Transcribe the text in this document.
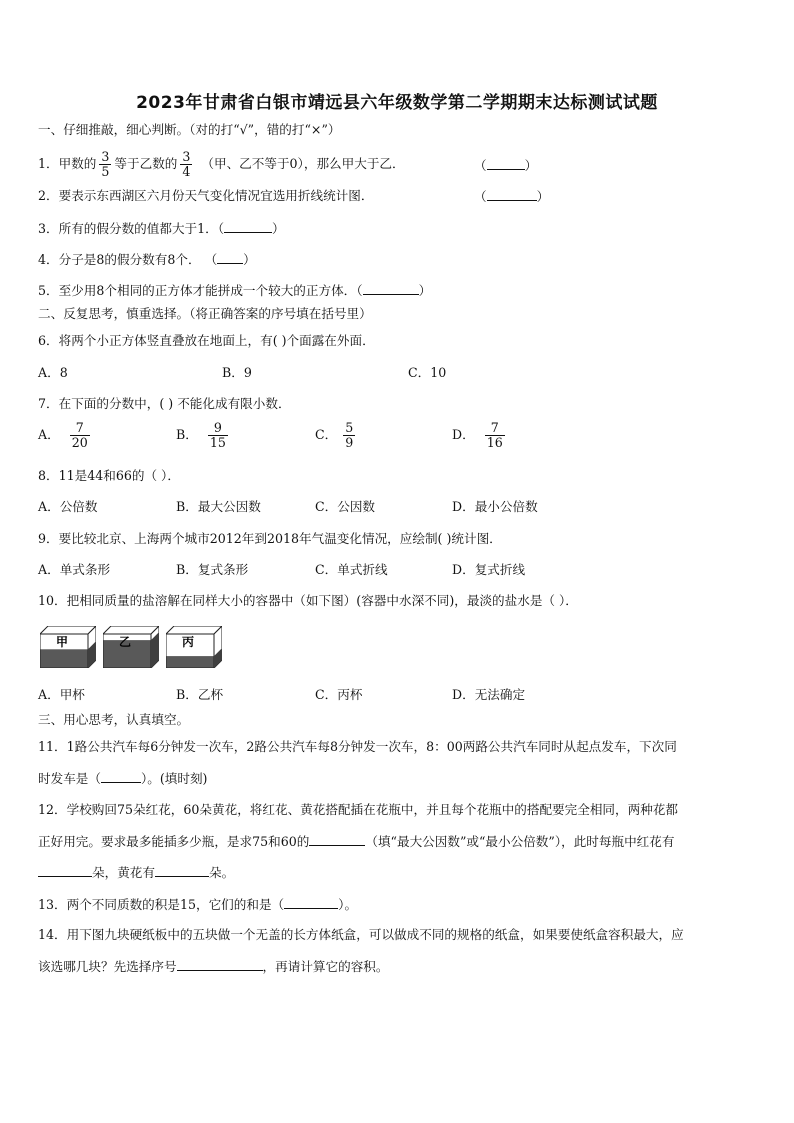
2023年甘肃省白银市靖远县六年级数学第二学期期末达标测试试题
一、仔细推敲，细心判断。（对的打“√”，错的打“×”）
1．甲数的 $\frac{3}{5}$ 等于乙数的 $\frac{3}{4}$ （甲、乙不等于0），那么甲大于乙．	（	）
2．要表示东西湖区六月份天气变化情况宜选用折线统计图．	（	）
3．所有的假分数的值都大于1．（	）
4．分子是8的假分数有8个． （ ）
5．至少用8个相同的正方体才能拼成一个较大的正方体．（	）
二、反复思考，慎重选择。（将正确答案的序号填在括号里）
6．将两个小正方体竖直叠放在地面上，有( )个面露在外面．
A．8	B．9	C．10
7．在下面的分数中，( ) 不能化成有限小数．
A． $\frac{7}{20}$	B． $\frac{9}{15}$	C． $\frac{5}{9}$	D． $\frac{7}{16}$
8．11是44和66的（ ）．
A．公倍数	B．最大公因数	C．公因数	D．最小公倍数
9．要比较北京、上海两个城市2012年到2018年气温变化情况，应绘制( )统计图．
A．单式条形	B．复式条形	C．单式折线	D．复式折线
10．把相同质量的盐溶解在同样大小的容器中（如下图）(容器中水深不同)，最淡的盐水是（ ）．
甲	乙	丙
A．甲杯	B．乙杯	C．丙杯	D．无法确定
三、用心思考，认真填空。
11．1路公共汽车每6分钟发一次车，2路公共汽车每8分钟发一次车，8：00两路公共汽车同时从起点发车，下次同
时发车是（	）。(填时刻)
12．学校购回75朵红花，60朵黄花，将红花、黄花搭配插在花瓶中，并且每个花瓶中的搭配要完全相同，两种花都
正好用完。要求最多能插多少瓶，是求75和60的	（填“最大公因数”或“最小公倍数”），此时每瓶中红花有
朵，黄花有	朵。
13．两个不同质数的积是15，它们的和是（	）。
14．用下图九块硬纸板中的五块做一个无盖的长方体纸盒，可以做成不同的规格的纸盒，如果要使纸盒容积最大，应
该选哪几块？先选择序号	，再请计算它的容积。
